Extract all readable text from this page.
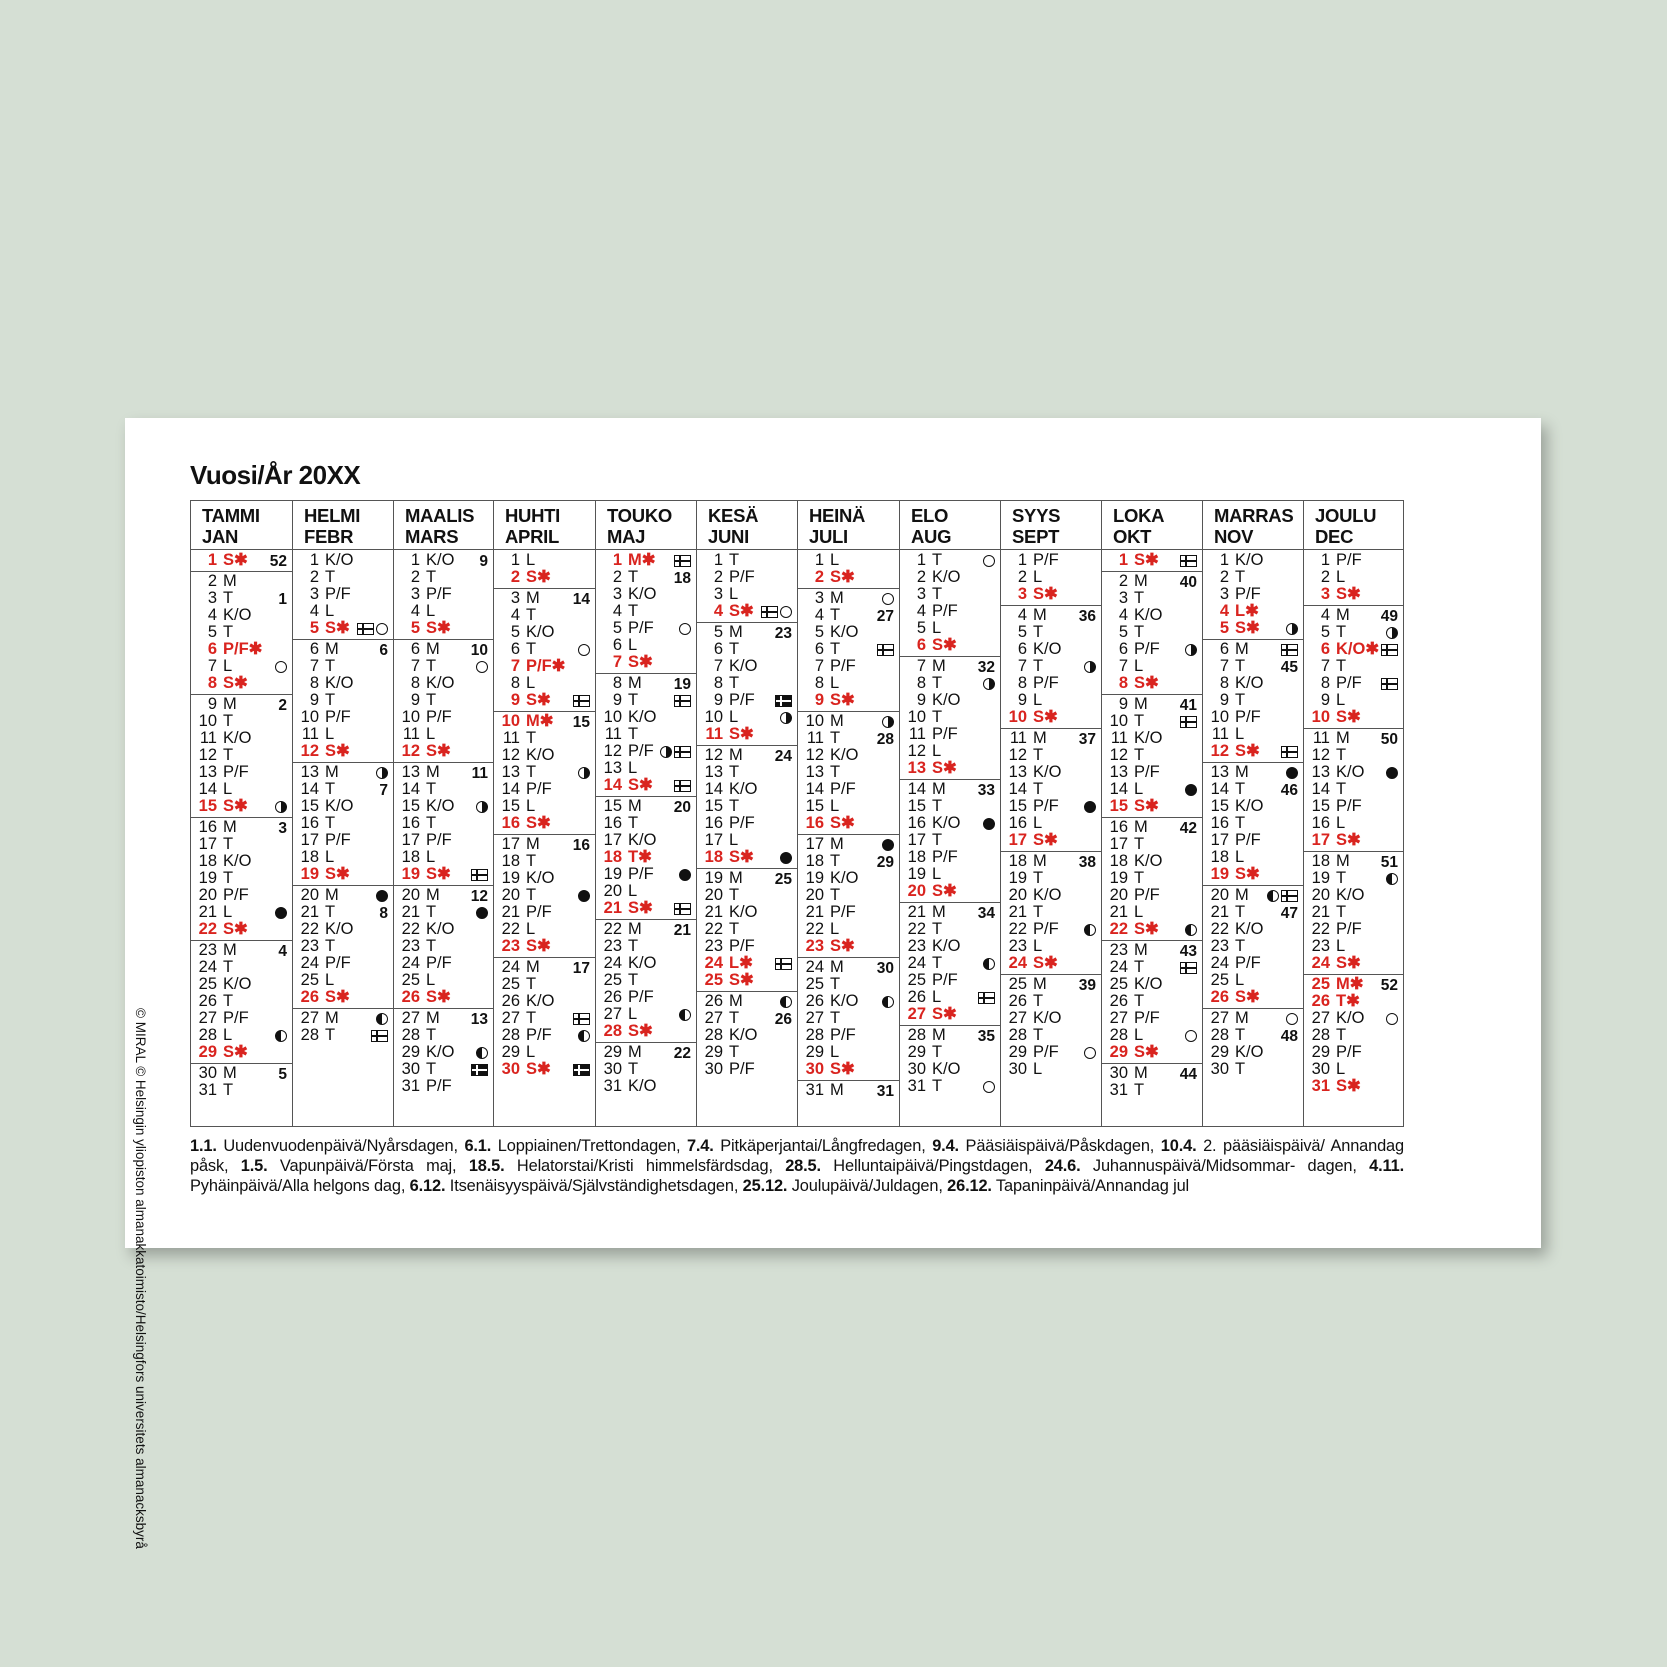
Vuosi/År 20XX
© MIRAL © Helsingin yliopiston almanakkatoimisto/Helsingfors universitets almanacksbyrå
TAMMI
JAN
1 S✱ 52
2 M
3 T
4 K/O
5 T
6 P/F✱
7 L
8 S✱
1
9 M
10 T
11 K/O
12 T
13 P/F
14 L
15 S✱
2
16 M
17 T
18 K/O
19 T
20 P/F
21 L
22 S✱
3
23 M
24 T
25 K/O
26 T
27 P/F
28 L
29 S✱
4
30 M
31 T
5
HELMI
FEBR
1 K/O
2 T
3 P/F
4 L
5 S✱
6 M
7 T
8 K/O
9 T
10 P/F
11 L
12 S✱
6
13 M
14 T
15 K/O
16 T
17 P/F
18 L
19 S✱
7
20 M
21 T
22 K/O
23 T
24 P/F
25 L
26 S✱
8
27 M
28 T
MAALIS
MARS
1 K/O
2 T
3 P/F
4 L
5 S✱
9
6 M
7 T
8 K/O
9 T
10 P/F
11 L
12 S✱
10
13 M
14 T
15 K/O
16 T
17 P/F
18 L
19 S✱
11
20 M
21 T
22 K/O
23 T
24 P/F
25 L
26 S✱
12
27 M
28 T
29 K/O
30 T
31 P/F
13
HUHTI
APRIL
1 L
2 S✱
3 M
4 T
5 K/O
6 T
7 P/F✱
8 L
9 S✱
14
10 M✱
11 T
12 K/O
13 T
14 P/F
15 L
16 S✱
15
17 M
18 T
19 K/O
20 T
21 P/F
22 L
23 S✱
16
24 M
25 T
26 K/O
27 T
28 P/F
29 L
30 S✱
17
TOUKO
MAJ
1 M✱
2 T
3 K/O
4 T
5 P/F
6 L
7 S✱
18
8 M
9 T
10 K/O
11 T
12 P/F
13 L
14 S✱
19
15 M
16 T
17 K/O
18 T✱
19 P/F
20 L
21 S✱
20
22 M
23 T
24 K/O
25 T
26 P/F
27 L
28 S✱
21
29 M
30 T
31 K/O
22
KESÄ
JUNI
1 T
2 P/F
3 L
4 S✱
5 M
6 T
7 K/O
8 T
9 P/F
10 L
11 S✱
23
12 M
13 T
14 K/O
15 T
16 P/F
17 L
18 S✱
24
19 M
20 T
21 K/O
22 T
23 P/F
24 L✱
25 S✱
25
26 M
27 T
28 K/O
29 T
30 P/F
26
HEINÄ
JULI
1 L
2 S✱
3 M
4 T
5 K/O
6 T
7 P/F
8 L
9 S✱
27
10 M
11 T
12 K/O
13 T
14 P/F
15 L
16 S✱
28
17 M
18 T
19 K/O
20 T
21 P/F
22 L
23 S✱
29
24 M
25 T
26 K/O
27 T
28 P/F
29 L
30 S✱
30
31 M 31
ELO
AUG
1 T
2 K/O
3 T
4 P/F
5 L
6 S✱
7 M
8 T
9 K/O
10 T
11 P/F
12 L
13 S✱
32
14 M
15 T
16 K/O
17 T
18 P/F
19 L
20 S✱
33
21 M
22 T
23 K/O
24 T
25 P/F
26 L
27 S✱
34
28 M
29 T
30 K/O
31 T
35
SYYS
SEPT
1 P/F
2 L
3 S✱
4 M
5 T
6 K/O
7 T
8 P/F
9 L
10 S✱
36
11 M
12 T
13 K/O
14 T
15 P/F
16 L
17 S✱
37
18 M
19 T
20 K/O
21 T
22 P/F
23 L
24 S✱
38
25 M
26 T
27 K/O
28 T
29 P/F
30 L
39
LOKA
OKT
1 S✱
2 M
3 T
4 K/O
5 T
6 P/F
7 L
8 S✱
40
9 M
10 T
11 K/O
12 T
13 P/F
14 L
15 S✱
41
16 M
17 T
18 K/O
19 T
20 P/F
21 L
22 S✱
42
23 M
24 T
25 K/O
26 T
27 P/F
28 L
29 S✱
43
30 M
31 T
44
MARRAS
NOV
1 K/O
2 T
3 P/F
4 L✱
5 S✱
6 M
7 T
8 K/O
9 T
10 P/F
11 L
12 S✱
45
13 M
14 T
15 K/O
16 T
17 P/F
18 L
19 S✱
46
20 M
21 T
22 K/O
23 T
24 P/F
25 L
26 S✱
47
27 M
28 T
29 K/O
30 T
48
JOULU
DEC
1 P/F
2 L
3 S✱
4 M
5 T
6 K/O✱
7 T
8 P/F
9 L
10 S✱
49
11 M
12 T
13 K/O
14 T
15 P/F
16 L
17 S✱
50
18 M
19 T
20 K/O
21 T
22 P/F
23 L
24 S✱
51
25 M✱
26 T✱
27 K/O
28 T
29 P/F
30 L
31 S✱
52
1.1. Uudenvuodenpäivä/Nyårsdagen, 6.1. Loppiainen/Trettondagen, 7.4. Pitkäperjantai/Långfredagen, 9.4. Pääsiäispäivä/Påskdagen, 10.4. 2. pääsiäispäivä/ Annandag påsk, 1.5. Vapunpäivä/Första maj, 18.5. Helatorstai/Kristi himmelsfärdsdag, 28.5. Helluntaipäivä/Pingstdagen, 24.6. Juhannuspäivä/Midsommar- dagen, 4.11. Pyhäinpäivä/Alla helgons dag, 6.12. Itsenäisyyspäivä/Självständighetsdagen, 25.12. Joulupäivä/Juldagen, 26.12. Tapaninpäivä/Annandag jul
